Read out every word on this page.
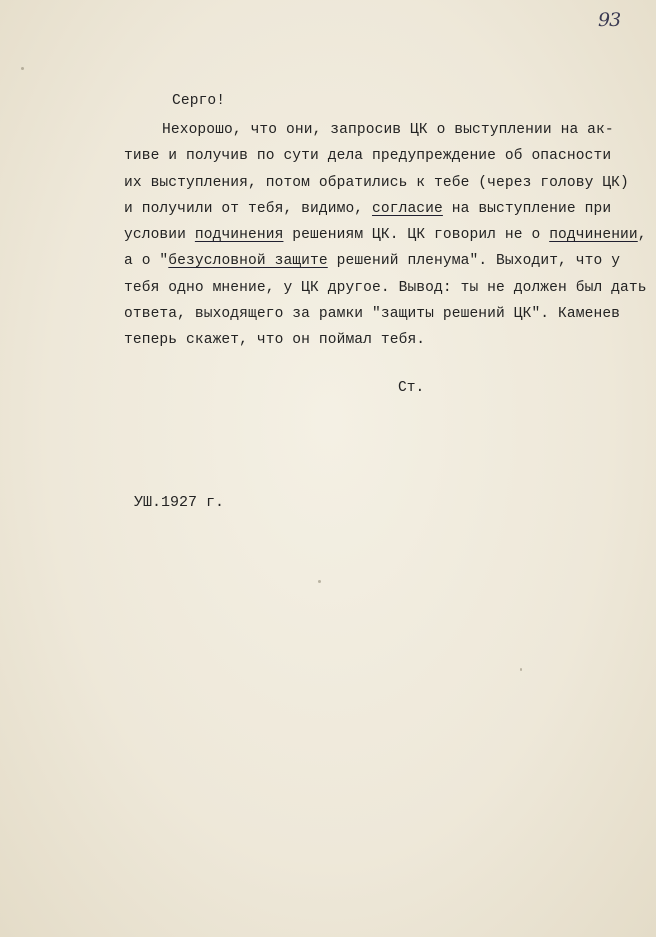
93

Серго!

Нехорошо, что они, запросив ЦК о выступлении на ак-

тиве и получив по сути дела предупреждение об опасности

их выступления, потом обратились к тебе (через голову ЦК)

и получили от тебя, видимо, согласие на выступление при

условии подчинения решениям ЦК. ЦК говорил не о подчинении,

а о "безусловной защите решений пленума". Выходит, что у

тебя одно мнение, у ЦК другое. Вывод: ты не должен был дать

ответа, выходящего за рамки "защиты решений ЦК". Каменев

теперь скажет, что он поймал тебя.

Ст.
УШ.1927 г.
